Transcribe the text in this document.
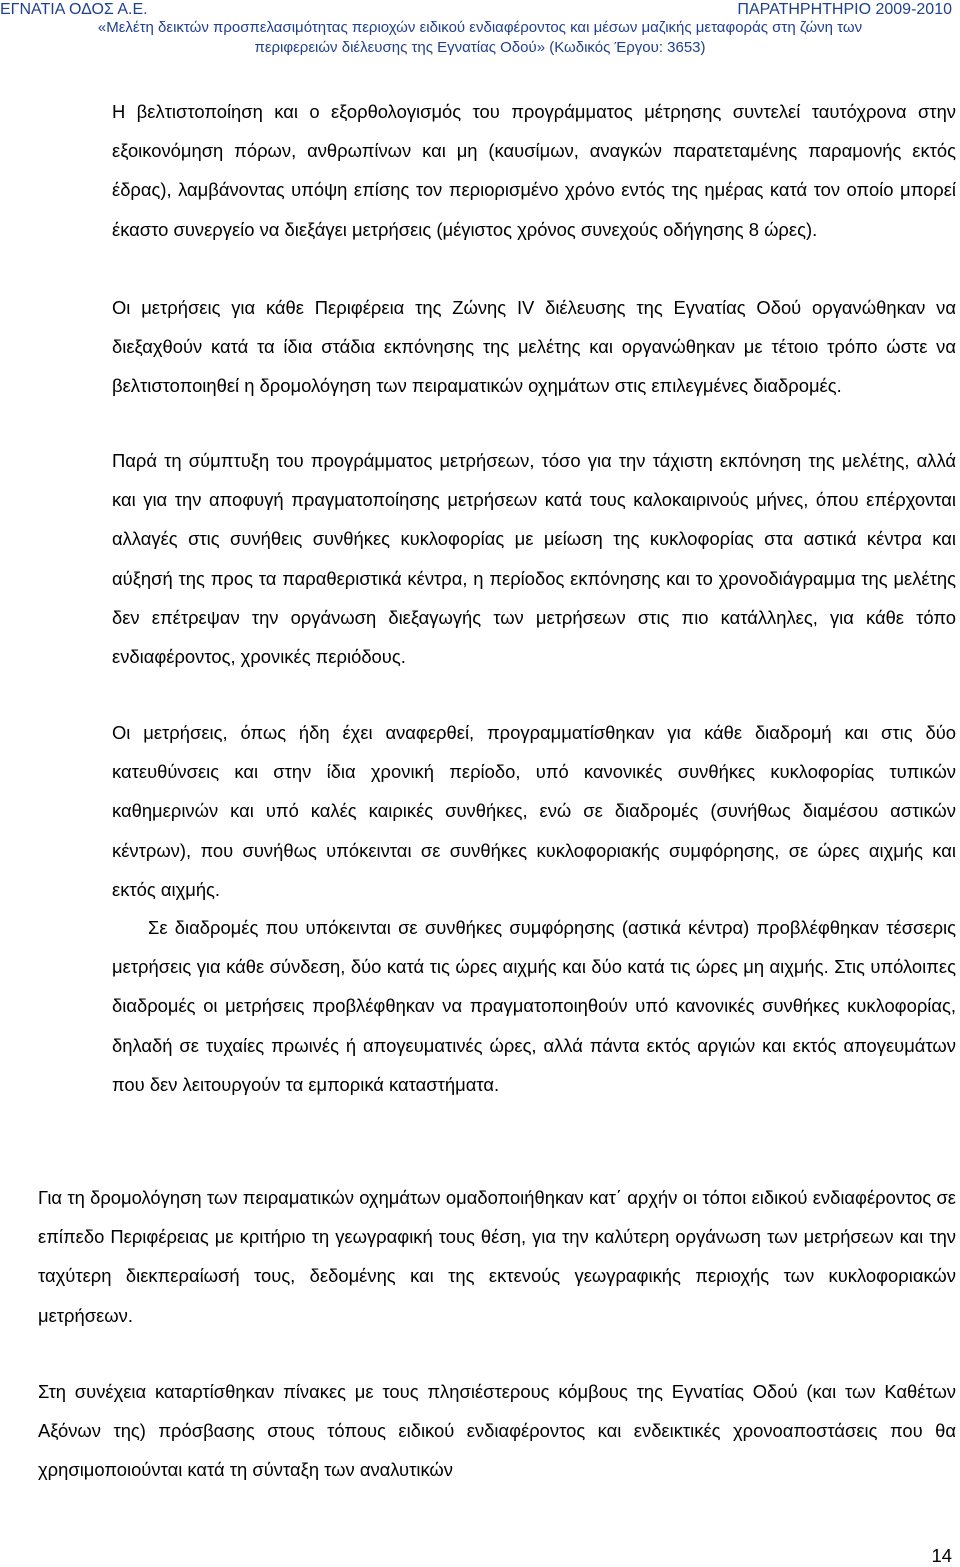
ΕΓΝΑΤΙΑ ΟΔΟΣ Α.Ε.	ΠΑΡΑΤΗΡΗΤΗΡΙΟ 2009-2010
«Μελέτη δεικτών προσπελασιμότητας περιοχών ειδικού ενδιαφέροντος και μέσων μαζικής μεταφοράς στη ζώνη των
περιφερειών διέλευσης της Εγνατίας Οδού» (Κωδικός Έργου: 3653)

Η βελτιστοποίηση και ο εξορθολογισμός του προγράμματος μέτρησης συντελεί ταυτόχρονα στην εξοικονόμηση πόρων, ανθρωπίνων και μη (καυσίμων, αναγκών παρατεταμένης παραμονής εκτός έδρας), λαμβάνοντας υπόψη επίσης τον περιορισμένο χρόνο εντός της ημέρας κατά τον οποίο μπορεί έκαστο συνεργείο να διεξάγει μετρήσεις (μέγιστος χρόνος συνεχούς οδήγησης 8 ώρες).

Οι μετρήσεις για κάθε Περιφέρεια της Ζώνης IV διέλευσης της Εγνατίας Οδού οργανώθηκαν να διεξαχθούν κατά τα ίδια στάδια εκπόνησης της μελέτης και οργανώθηκαν με τέτοιο τρόπο ώστε να βελτιστοποιηθεί η δρομολόγηση των πειραματικών οχημάτων στις επιλεγμένες διαδρομές.

Παρά τη σύμπτυξη του προγράμματος μετρήσεων, τόσο για την τάχιστη εκπόνηση της μελέτης, αλλά και για την αποφυγή πραγματοποίησης μετρήσεων κατά τους καλοκαιρινούς μήνες, όπου επέρχονται αλλαγές στις συνήθεις συνθήκες κυκλοφορίας με μείωση της κυκλοφορίας στα αστικά κέντρα και αύξησή της προς τα παραθεριστικά κέντρα, η περίοδος εκπόνησης και το χρονοδιάγραμμα της μελέτης δεν επέτρεψαν την οργάνωση διεξαγωγής των μετρήσεων στις πιο κατάλληλες, για κάθε τόπο ενδιαφέροντος, χρονικές περιόδους.

Οι μετρήσεις, όπως ήδη έχει αναφερθεί, προγραμματίσθηκαν για κάθε διαδρομή και στις δύο κατευθύνσεις και στην ίδια χρονική περίοδο, υπό κανονικές συνθήκες κυκλοφορίας τυπικών καθημερινών και υπό καλές καιρικές συνθήκες, ενώ σε διαδρομές (συνήθως διαμέσου αστικών κέντρων), που συνήθως υπόκεινται σε συνθήκες κυκλοφοριακής συμφόρησης, σε ώρες αιχμής και εκτός αιχμής.

Σε διαδρομές που υπόκεινται σε συνθήκες συμφόρησης (αστικά κέντρα) προβλέφθηκαν τέσσερις μετρήσεις για κάθε σύνδεση, δύο κατά τις ώρες αιχμής και δύο κατά τις ώρες μη αιχμής. Στις υπόλοιπες διαδρομές οι μετρήσεις προβλέφθηκαν να πραγματοποιηθούν υπό κανονικές συνθήκες κυκλοφορίας, δηλαδή σε τυχαίες πρωινές ή απογευματινές ώρες, αλλά πάντα εκτός αργιών και εκτός απογευμάτων που δεν λειτουργούν τα εμπορικά καταστήματα.

Για τη δρομολόγηση των πειραματικών οχημάτων ομαδοποιήθηκαν κατ΄ αρχήν οι τόποι ειδικού ενδιαφέροντος σε επίπεδο Περιφέρειας με κριτήριο τη γεωγραφική τους θέση, για την καλύτερη οργάνωση των μετρήσεων και την ταχύτερη διεκπεραίωσή τους, δεδομένης και της εκτενούς γεωγραφικής περιοχής των κυκλοφοριακών μετρήσεων.

Στη συνέχεια καταρτίσθηκαν πίνακες με τους πλησιέστερους κόμβους της Εγνατίας Οδού (και των Καθέτων Αξόνων της) πρόσβασης στους τόπους ειδικού ενδιαφέροντος και ενδεικτικές χρονοαποστάσεις που θα χρησιμοποιούνται κατά τη σύνταξη των αναλυτικών

14
